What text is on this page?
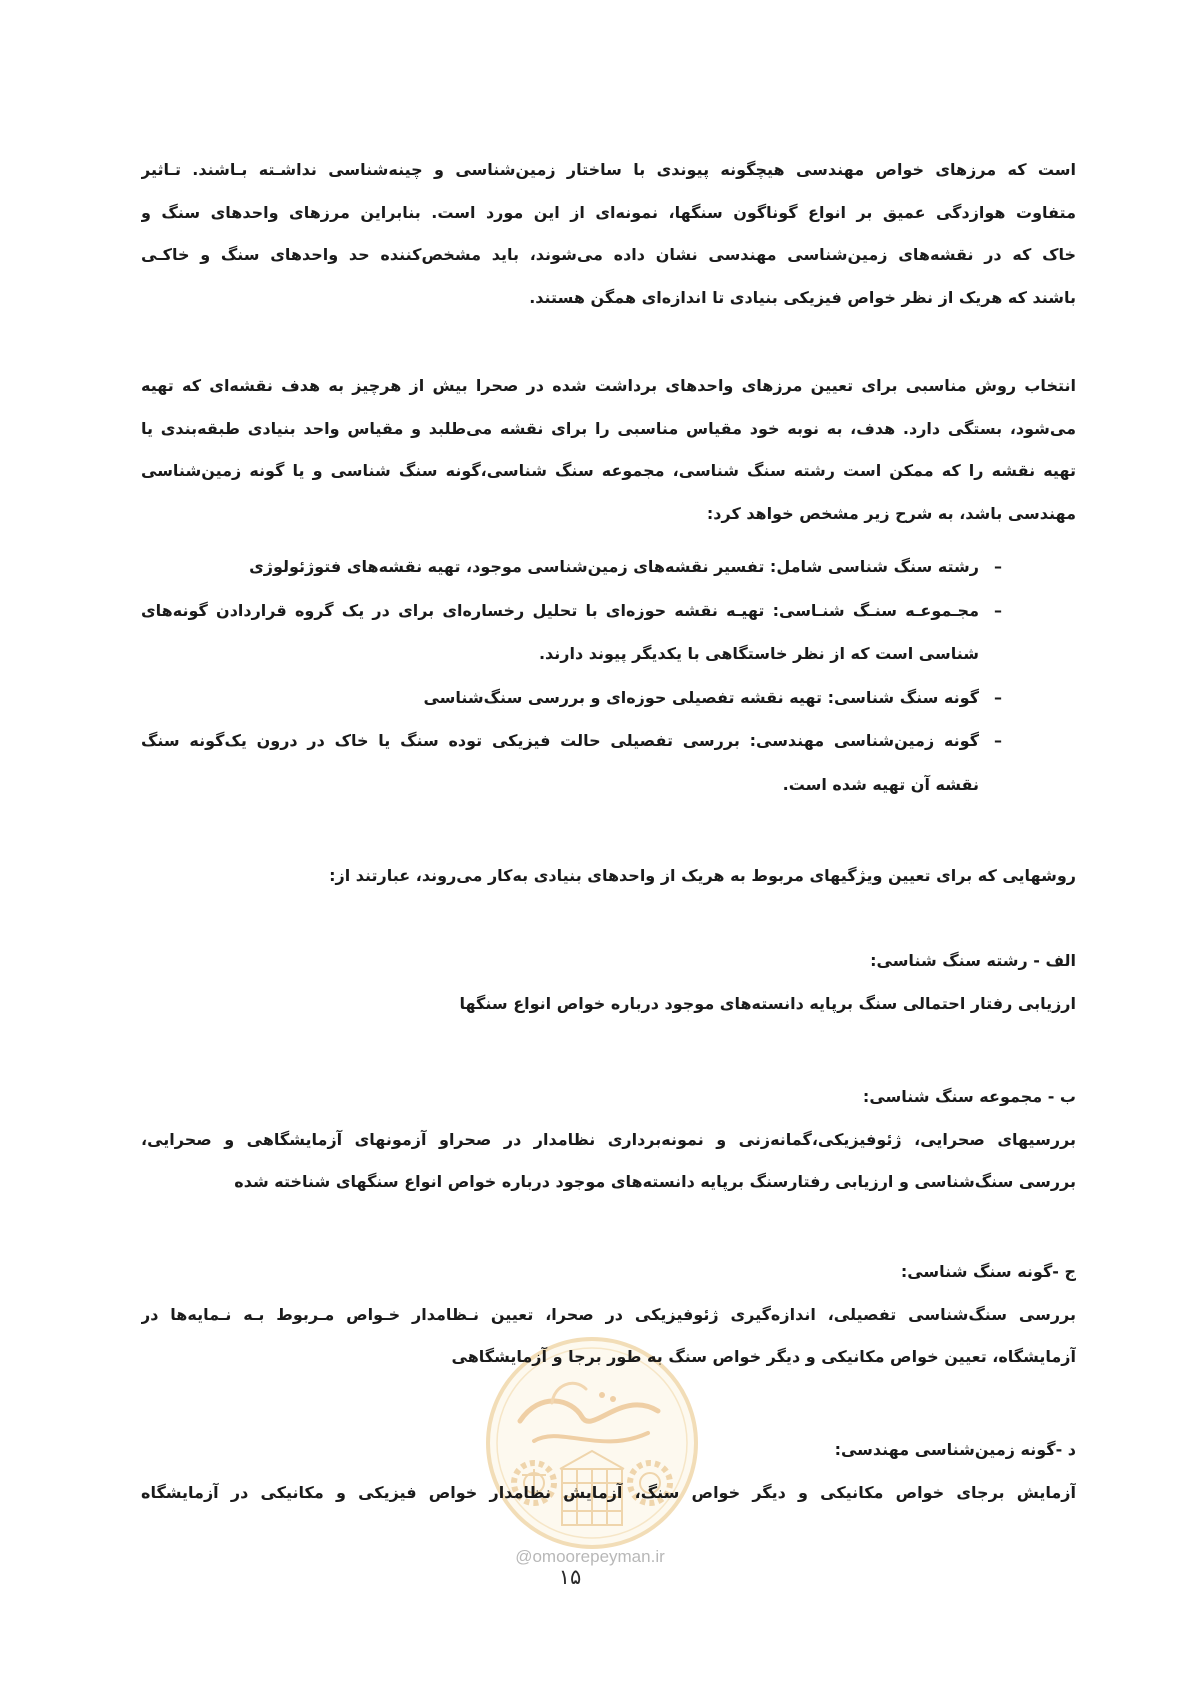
است که مرزهای خواص مهندسی هیچگونه پیوندی با ساختار زمین‌شناسی و چینه‌شناسی نداشـته بـاشند. تـاثیر
متفاوت هوازدگی عمیق بر انواع گوناگون سنگها، نمونه‌ای از این مورد است. بنابراین مرزهای واحدهای سنگ و
خاک که در نقشه‌های زمین‌شناسی مهندسی نشان داده می‌شوند، باید مشخص‌کننده حد واحدهای سنگ و خاکـی
باشند که هریک از نظر خواص فیزیکی بنیادی تا اندازه‌ای همگن هستند.
انتخاب روش مناسبی برای تعیین مرزهای واحدهای برداشت شده در صحرا بیش از هرچیز به هدف نقشه‌ای که تهیه
می‌شود، بستگی دارد. هدف، به نوبه خود مقیاس مناسبی را برای نقشه می‌طلبد و مقیاس واحد بنیادی طبقه‌بندی یا
تهیه نقشه را که ممکن است رشته سنگ شناسی، مجموعه سنگ شناسی،گونه سنگ شناسی و یا گونه زمین‌شناسی
مهندسی باشد، به شرح زیر مشخص خواهد کرد:
–
رشته سنگ شناسی شامل: تفسیر نقشه‌های زمین‌شناسی موجود، تهیه نقشه‌های فتوژئولوژی
–
مجـموعـه سنـگ شنـاسی: تهیـه نقشه حوزه‌ای با تحلیل رخساره‌ای برای در یک گروه قراردادن گونه‌های
شناسی است که از نظر خاستگاهی با یکدیگر پیوند دارند.
–
گونه سنگ شناسی: تهیه نقشه تفصیلی حوزه‌ای و بررسی سنگ‌شناسی
–
گونه زمین‌شناسی مهندسی: بررسی تفصیلی حالت فیزیکی توده سنگ یا خاک در درون یک‌گونه سنگ
نقشه آن تهیه شده است.
روشهایی که برای تعیین ویژگیهای مربوط به هریک از واحدهای بنیادی به‌کار می‌روند، عبارتند از:
الف - رشته سنگ شناسی:
ارزیابی رفتار احتمالی سنگ برپایه دانسته‌های موجود درباره خواص انواع سنگها
ب - مجموعه سنگ شناسی:
بررسیهای صحرایی، ژئوفیزیکی،گمانه‌زنی و نمونه‌برداری نظامدار در صحراو آزمونهای آزمایشگاهی و صحرایی،
بررسی سنگ‌شناسی و ارزیابی رفتارسنگ برپایه دانسته‌های موجود درباره خواص انواع سنگهای شناخته شده
ج -گونه سنگ شناسی:
بررسی سنگ‌شناسی تفصیلی، اندازه‌گیری ژئوفیزیکی در صحرا، تعیین نـظامدار خـواص مـربوط بـه نـمایه‌ها در
آزمایشگاه، تعیین خواص مکانیکی و دیگر خواص سنگ به طور برجا و آزمایشگاهی
د -گونه زمین‌شناسی مهندسی:
آزمایش برجای خواص مکانیکی و دیگر خواص سنگ، آزمایش نظامدار خواص فیزیکی و مکانیکی در آزمایشگاه
@omoorepeyman.ir
۱۵
